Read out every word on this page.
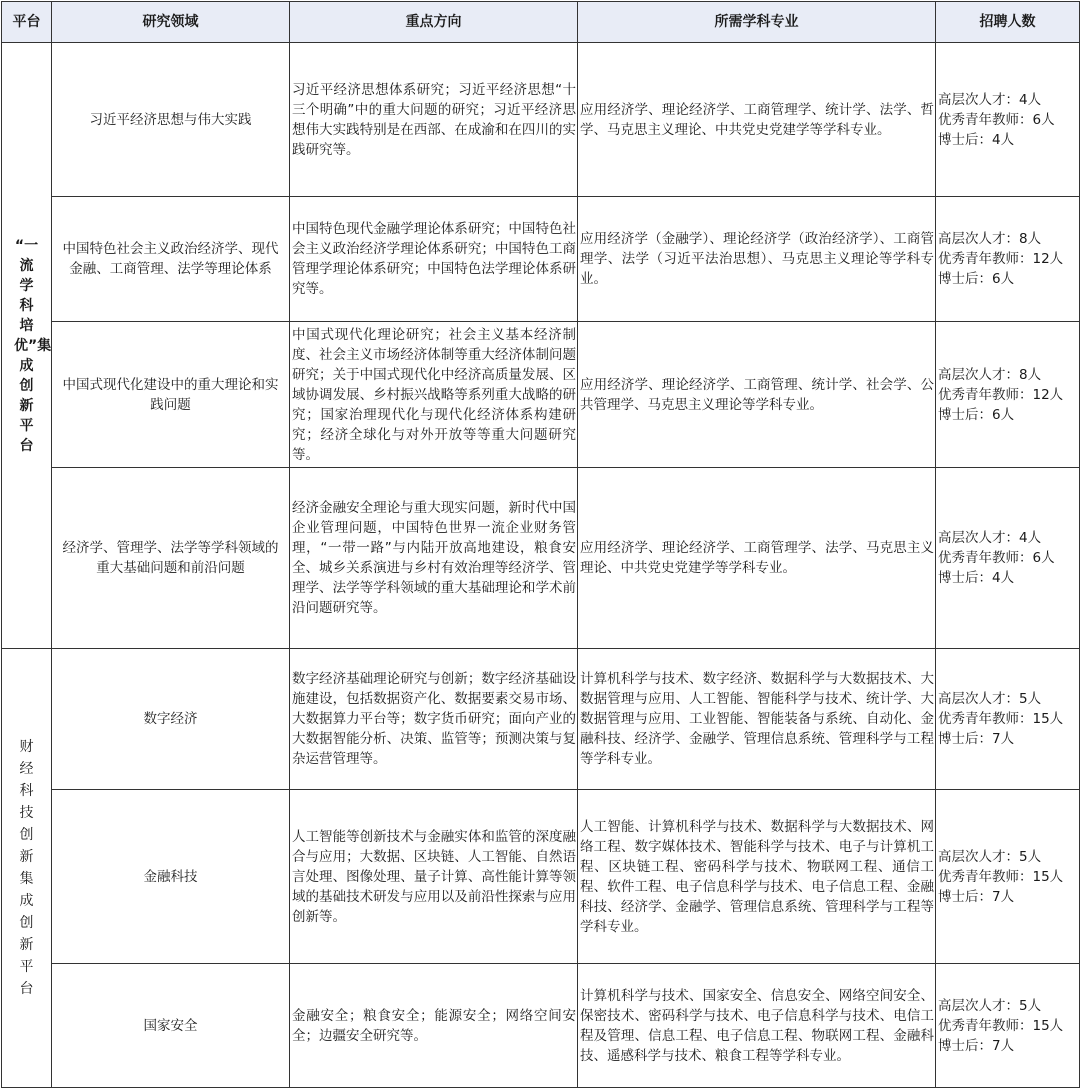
平台	研究领域	重点方向	所需学科专业	招聘人数
“一流学科培优”集成创新平台	习近平经济思想与伟大实践	习近平经济思想体系研究；习近平经济思想“十三个明确”中的重大问题的研究；习近平经济思想伟大实践特别是在西部、在成渝和在四川的实践研究等。	应用经济学、理论经济学、工商管理学、统计学、法学、哲学、马克思主义理论、中共党史党建学等学科专业。	高层次人才：4人
优秀青年教师：6人
博士后：4人

	中国特色社会主义政治经济学、现代金融、工商管理、法学等理论体系	中国特色现代金融学理论体系研究；中国特色社会主义政治经济学理论体系研究；中国特色工商管理学理论体系研究；中国特色法学理论体系研究等。	应用经济学（金融学）、理论经济学（政治经济学）、工商管理学、法学（习近平法治思想）、马克思主义理论等学科专业。	高层次人才：8人
优秀青年教师：12人
博士后：6人

	中国式现代化建设中的重大理论和实践问题	中国式现代化理论研究；社会主义基本经济制度、社会主义市场经济体制等重大经济体制问题研究；关于中国式现代化中经济高质量发展、区域协调发展、乡村振兴战略等系列重大战略的研究；国家治理现代化与现代化经济体系构建研究；经济全球化与对外开放等等重大问题研究等。	应用经济学、理论经济学、工商管理、统计学、社会学、公共管理学、马克思主义理论等学科专业。	高层次人才：8人
优秀青年教师：12人
博士后：6人

	经济学、管理学、法学等学科领域的重大基础问题和前沿问题	经济金融安全理论与重大现实问题，新时代中国企业管理问题，中国特色世界一流企业财务管理，“一带一路”与内陆开放高地建设，粮食安全、城乡关系演进与乡村有效治理等经济学、管理学、法学等学科领域的重大基础理论和学术前沿问题研究等。	应用经济学、理论经济学、工商管理学、法学、马克思主义理论、中共党史党建学等学科专业。	高层次人才：4人
优秀青年教师：6人
博士后：4人

财经科技创新集成创新平台	数字经济	数字经济基础理论研究与创新；数字经济基础设施建设，包括数据资产化、数据要素交易市场、大数据算力平台等；数字货币研究；面向产业的大数据智能分析、决策、监管等；预测决策与复杂运营管理等。	计算机科学与技术、数字经济、数据科学与大数据技术、大数据管理与应用、人工智能、智能科学与技术、统计学、大数据管理与应用、工业智能、智能装备与系统、自动化、金融科技、经济学、金融学、管理信息系统、管理科学与工程等学科专业。	高层次人才：5人
优秀青年教师：15人
博士后：7人

	金融科技	人工智能等创新技术与金融实体和监管的深度融合与应用；大数据、区块链、人工智能、自然语言处理、图像处理、量子计算、高性能计算等领域的基础技术研发与应用以及前沿性探索与应用创新等。	人工智能、计算机科学与技术、数据科学与大数据技术、网络工程、数字媒体技术、智能科学与技术、电子与计算机工程、区块链工程、密码科学与技术、物联网工程、通信工程、软件工程、电子信息科学与技术、电子信息工程、金融科技、经济学、金融学、管理信息系统、管理科学与工程等学科专业。	高层次人才：5人
优秀青年教师：15人
博士后：7人

	国家安全	金融安全；粮食安全；能源安全；网络空间安全；边疆安全研究等。	计算机科学与技术、国家安全、信息安全、网络空间安全、保密技术、密码科学与技术、电子信息科学与技术、电信工程及管理、信息工程、电子信息工程、物联网工程、金融科技、遥感科学与技术、粮食工程等学科专业。	高层次人才：5人
优秀青年教师：15人
博士后：7人
